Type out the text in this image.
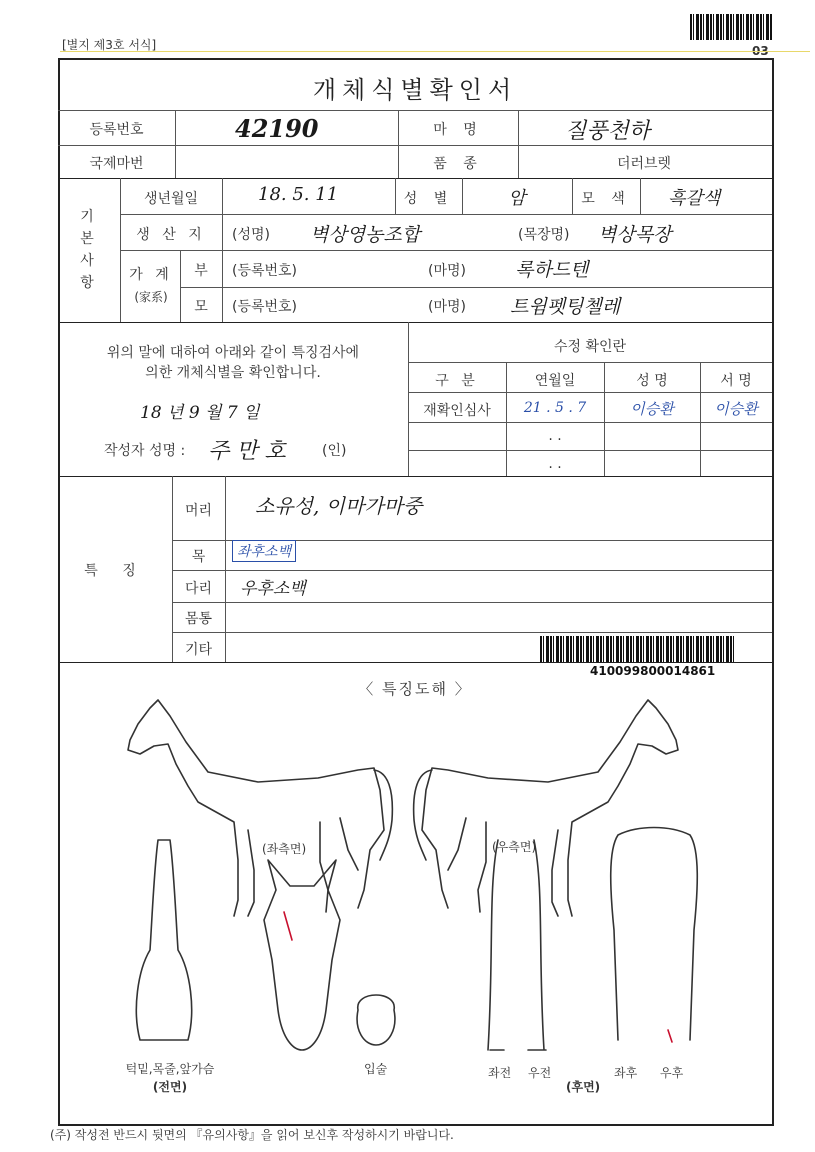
03
[별지 제3호 서식]
개체식별확인서
등록번호	42190	마 명	질풍천하
국제마번	품 종	더러브렛
기 본 사 항
생년월일	18. 5. 11	성 별	암	모 색	흑갈색
생 산 지	(성명) 벽상영농조합	(목장명) 벽상목장
가 계
(家系)
부	(등록번호)	(마명)	록하드텐
모	(등록번호)	(마명) 트윔펫팅첼레
위의 말에 대하여 아래와 같이 특징검사에
의한 개체식별을 확인합니다.
18 년 9 월 7 일
작성자 성명 : 주 만 호	(인)
수정 확인란
구 분	연월일	성 명	서 명
재확인심사	21 . 5 . 7	이승환	이승환
. .
. .
특 징
머리	소유성, 이마가마중
목	좌후소백
다리	우후소백
몸통
기타
410099800014861
〈 특징도해 〉
(좌측면)	(우측면)
턱밑,목줄,앞가슴
(전면)
입술	좌전 우전	좌후 우후
(후면)
(주) 작성전 반드시 뒷면의 『유의사항』을 읽어 보신후 작성하시기 바랍니다.
